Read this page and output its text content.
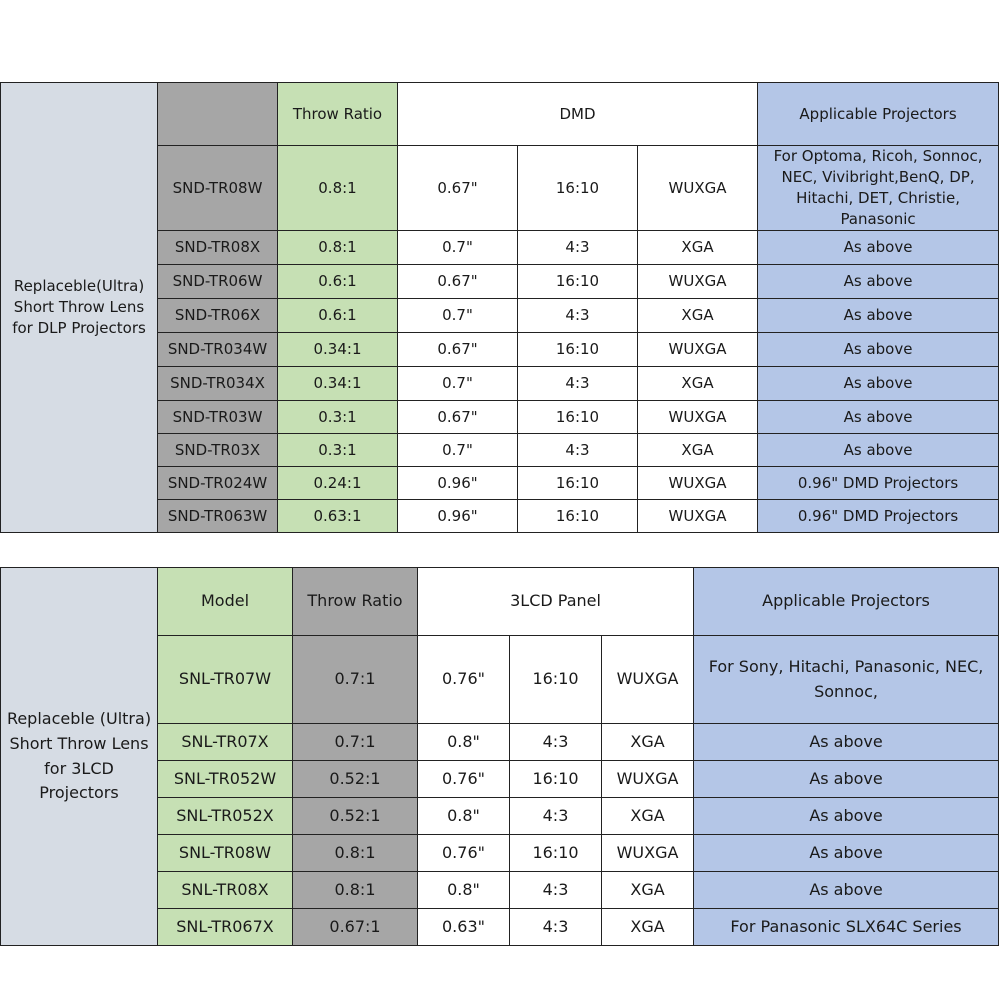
Replaceble(Ultra) Short Throw Lens for DLP Projectors		Throw Ratio	DMD			Applicable Projectors
	SND-TR08W	0.8:1	0.67"	16:10	WUXGA	For Optoma, Ricoh, Sonnoc, NEC, Vivibright,BenQ, DP, Hitachi, DET, Christie, Panasonic
	SND-TR08X	0.8:1	0.7"	4:3	XGA	As above
	SND-TR06W	0.6:1	0.67"	16:10	WUXGA	As above
	SND-TR06X	0.6:1	0.7"	4:3	XGA	As above
	SND-TR034W	0.34:1	0.67"	16:10	WUXGA	As above
	SND-TR034X	0.34:1	0.7"	4:3	XGA	As above
	SND-TR03W	0.3:1	0.67"	16:10	WUXGA	As above
	SND-TR03X	0.3:1	0.7"	4:3	XGA	As above
	SND-TR024W	0.24:1	0.96"	16:10	WUXGA	0.96" DMD Projectors
	SND-TR063W	0.63:1	0.96"	16:10	WUXGA	0.96" DMD Projectors
Replaceble (Ultra) Short Throw Lens for 3LCD Projectors	Model	Throw Ratio	3LCD Panel			Applicable Projectors
	SNL-TR07W	0.7:1	0.76"	16:10	WUXGA	For Sony, Hitachi, Panasonic, NEC, Sonnoc,
	SNL-TR07X	0.7:1	0.8"	4:3	XGA	As above
	SNL-TR052W	0.52:1	0.76"	16:10	WUXGA	As above
	SNL-TR052X	0.52:1	0.8"	4:3	XGA	As above
	SNL-TR08W	0.8:1	0.76"	16:10	WUXGA	As above
	SNL-TR08X	0.8:1	0.8"	4:3	XGA	As above
	SNL-TR067X	0.67:1	0.63"	4:3	XGA	For Panasonic SLX64C Series
